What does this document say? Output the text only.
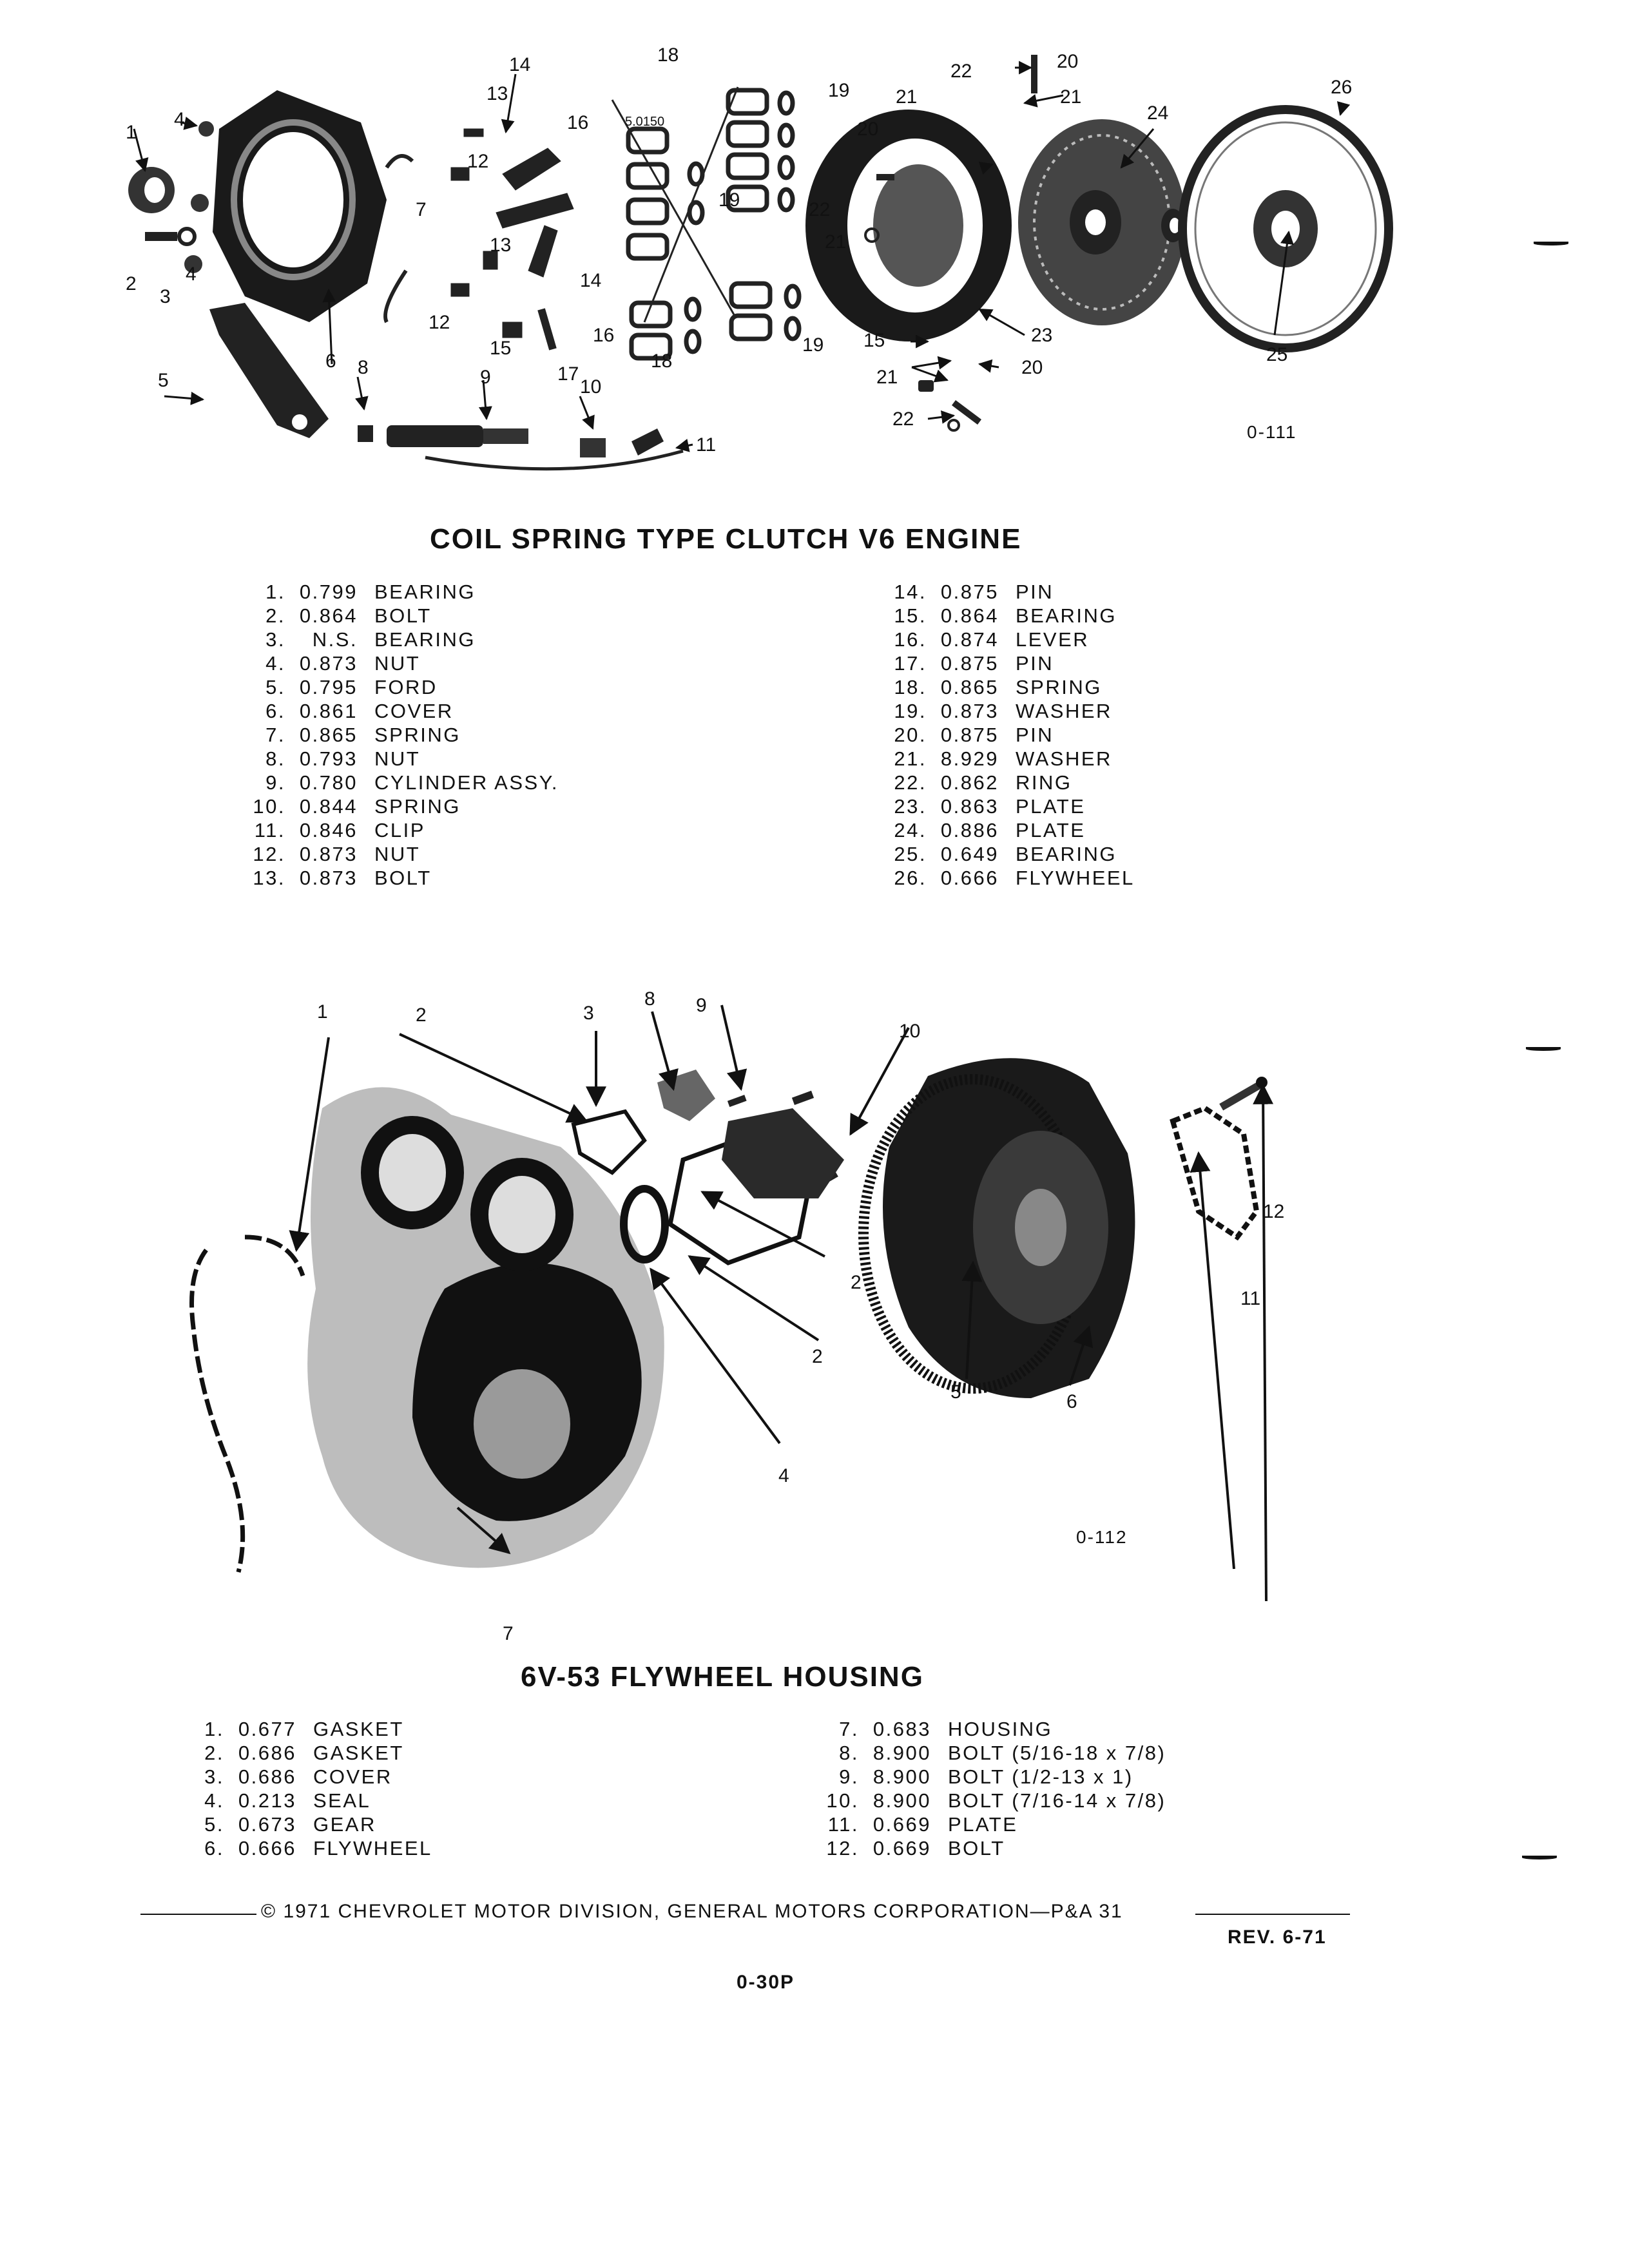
1
2
3
4
4
5
6
7
8	9	10
11
12
12
13
13
14
14
15	15
16
16
17
18
18
19
19
19
20
20
20
21	21
21
21
22
22
22
23
24
25
26
5.0150
0-111
COIL SPRING TYPE CLUTCH V6 ENGINE
1. 0.799 BEARING
2. 0.864 BOLT
3.	N.S. BEARING
4. 0.873 NUT
5. 0.795 FORD
6. 0.861 COVER
7. 0.865 SPRING
8. 0.793 NUT
9. 0.780 CYLINDER ASSY.
10. 0.844 SPRING
11. 0.846 CLIP
12. 0.873 NUT
13. 0.873 BOLT
14. 0.875 PIN
15. 0.864 BEARING
16. 0.874 LEVER
17. 0.875 PIN
18. 0.865 SPRING
19. 0.873 WASHER
20. 0.875 PIN
21. 8.929 WASHER
22. 0.862 RING
23. 0.863 PLATE
24. 0.886 PLATE
25. 0.649 BEARING
26. 0.666 FLYWHEEL
1	2
2
2
3
4
5	6
7
8 9
10
11
12
0-112
6V-53 FLYWHEEL HOUSING
1. 0.677 GASKET
2. 0.686 GASKET
3. 0.686 COVER
4. 0.213 SEAL
5. 0.673 GEAR
6. 0.666 FLYWHEEL
7. 0.683 HOUSING
8. 8.900 BOLT (5/16-18 x 7/8)
9. 8.900 BOLT (1/2-13 x 1)
10. 8.900 BOLT (7/16-14 x 7/8)
11. 0.669 PLATE
12. 0.669 BOLT
© 1971 CHEVROLET MOTOR DIVISION, GENERAL MOTORS CORPORATION—P&A 31
REV. 6-71
0-30P
